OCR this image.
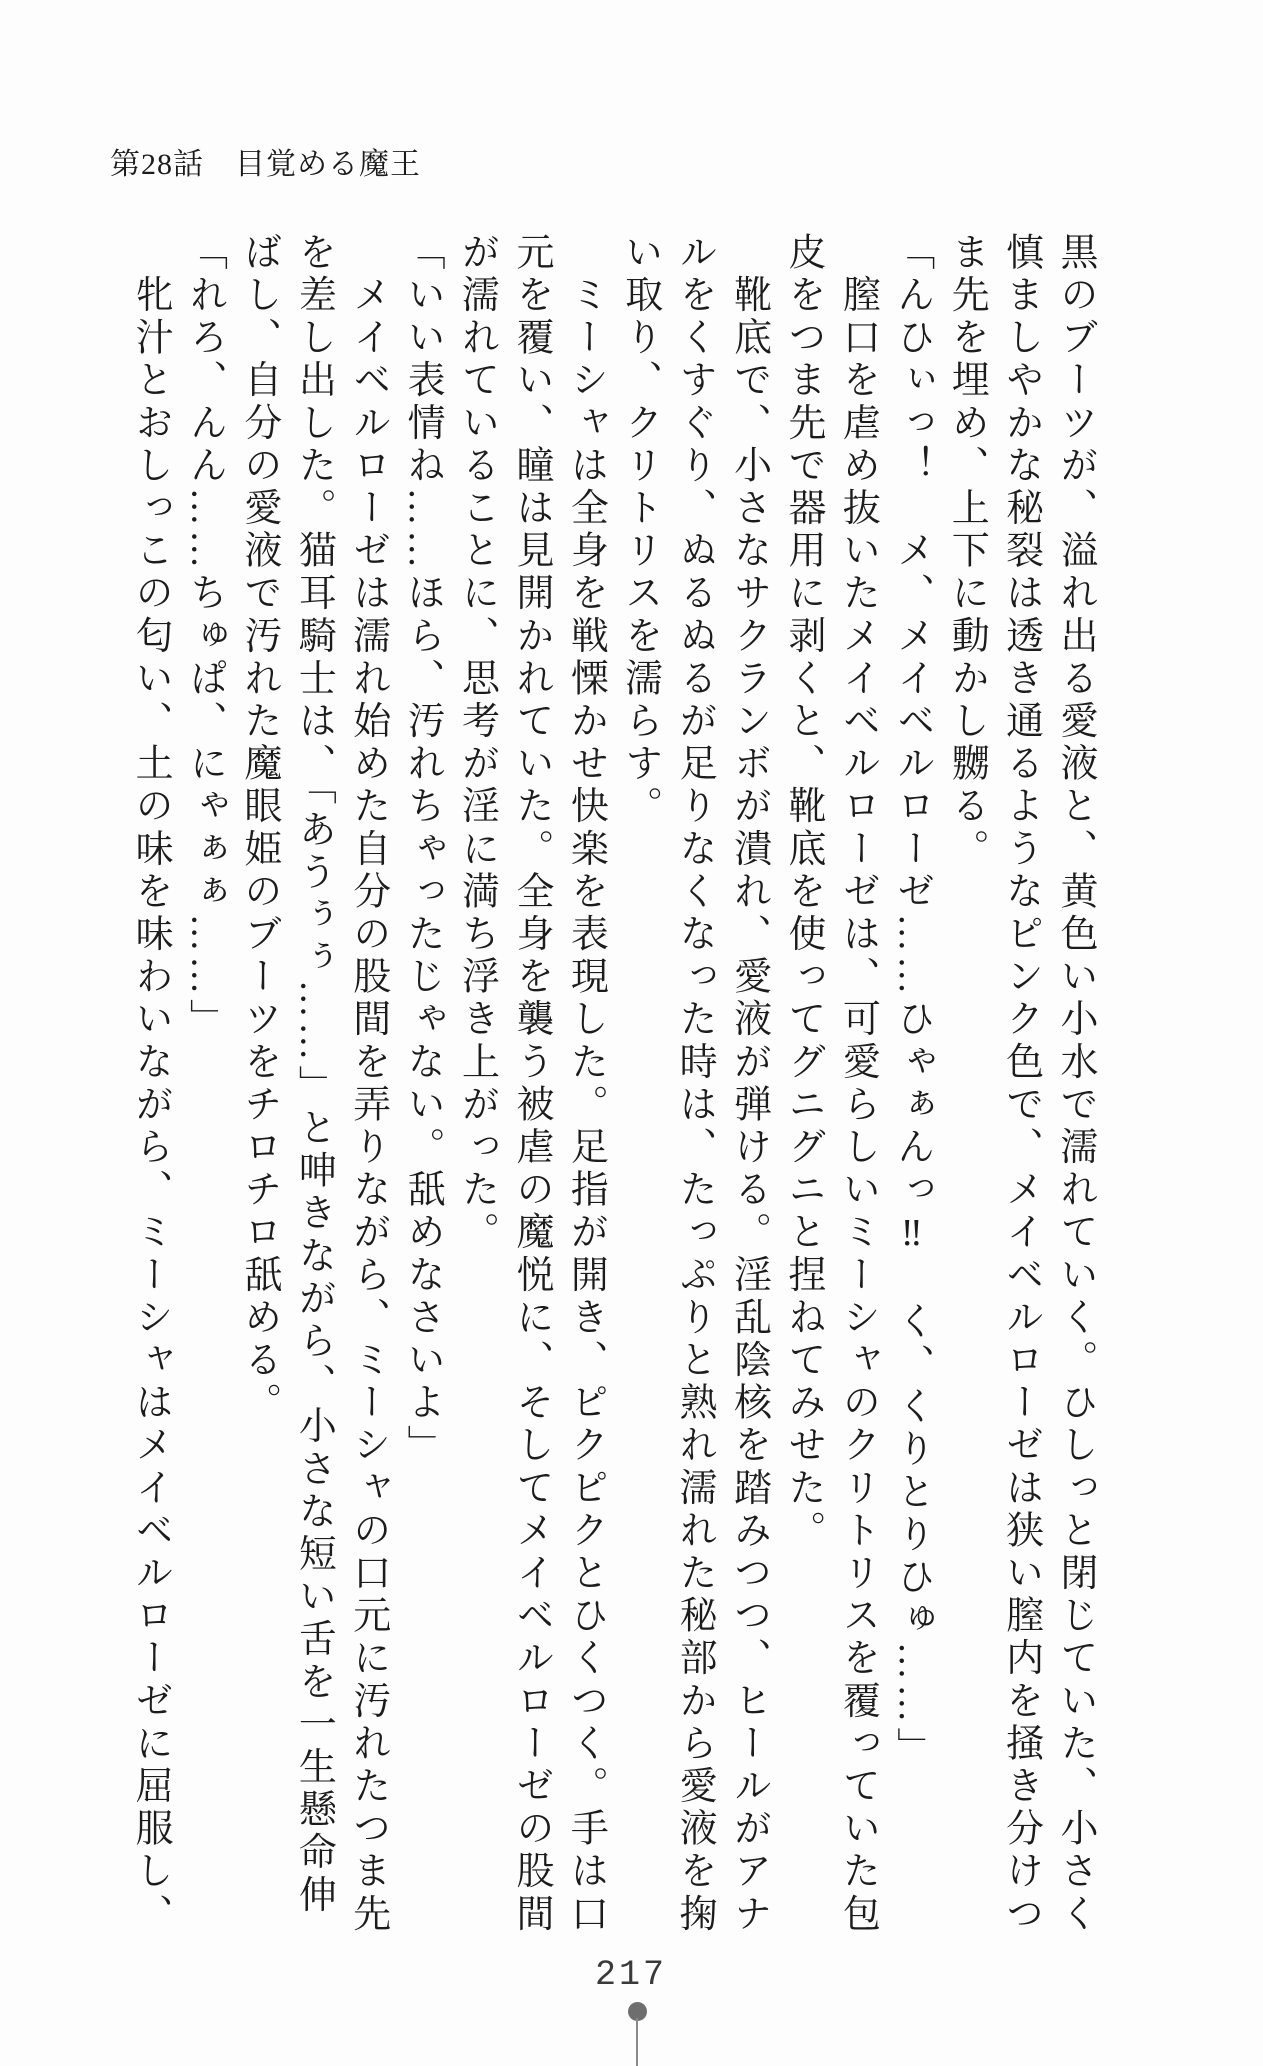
第28話　目覚める魔王

黒のブーツが、溢れ出る愛液と、黄色い小水で濡れていく。ひしっと閉じていた、小さく慎ましやかな秘裂は透き通るようなピンク色で、メイベルローゼは狭い膣内を掻き分けつま先を埋め、上下に動かし嬲る。

「んひぃっ！　メ、メイベルローゼ……ひゃぁんっ‼　く、くりとりひゅ……」

　膣口を虐め抜いたメイベルローゼは、可愛らしいミーシャのクリトリスを覆っていた包皮をつま先で器用に剥くと、靴底を使ってグニグニと捏ねてみせた。

　靴底で、小さなサクランボが潰れ、愛液が弾ける。淫乱陰核を踏みつつ、ヒールがアナルをくすぐり、ぬるぬるが足りなくなった時は、たっぷりと熟れ濡れた秘部から愛液を掬い取り、クリトリスを濡らす。

　ミーシャは全身を戦慄かせ快楽を表現した。足指が開き、ピクピクとひくつく。手は口元を覆い、瞳は見開かれていた。全身を襲う被虐の魔悦に、そしてメイベルローゼの股間が濡れていることに、思考が淫に満ち浮き上がった。

「いい表情ね……ほら、汚れちゃったじゃない。舐めなさいよ」

　メイベルローゼは濡れ始めた自分の股間を弄りながら、ミーシャの口元に汚れたつま先を差し出した。猫耳騎士は、「あうぅぅ……」と呻きながら、小さな短い舌を一生懸命伸ばし、自分の愛液で汚れた魔眼姫のブーツをチロチロ舐める。

「れろ、んん……ちゅぱ、にゃぁぁ……」

　牝汁とおしっこの匂い、土の味を味わいながら、ミーシャはメイベルローゼに屈服し、

217
